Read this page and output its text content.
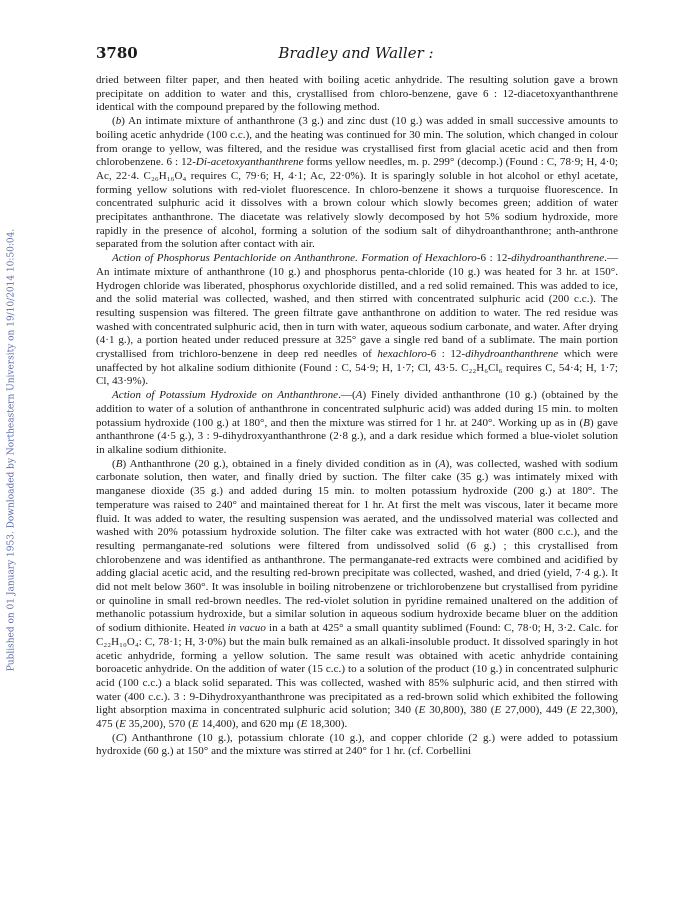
Published on 01 January 1953. Downloaded by Northeastern University on 19/10/2014 10:50:04.
3780	Bradley and Waller :

dried between filter paper, and then heated with boiling acetic anhydride. The resulting solution gave a brown precipitate on addition to water and this, crystallised from chloro-benzene, gave 6 : 12-diacetoxyanthanthrene identical with the compound prepared by the following method.

(b) An intimate mixture of anthanthrone (3 g.) and zinc dust (10 g.) was added in small successive amounts to boiling acetic anhydride (100 c.c.), and the heating was continued for 30 min. The solution, which changed in colour from orange to yellow, was filtered, and the residue was crystallised first from glacial acetic acid and then from chlorobenzene. 6 : 12-Di-acetoxyanthanthrene forms yellow needles, m. p. 299° (decomp.) (Found : C, 78·9; H, 4·0; Ac, 22·4. C₂₆H₁₆O₄ requires C, 79·6; H, 4·1; Ac, 22·0%). It is sparingly soluble in hot alcohol or ethyl acetate, forming yellow solutions with red-violet fluorescence. In chloro-benzene it shows a turquoise fluorescence. In concentrated sulphuric acid it dissolves with a brown colour which slowly becomes green; addition of water precipitates anthanthrone. The diacetate was relatively slowly decomposed by hot 5% sodium hydroxide, more rapidly in the presence of alcohol, forming a solution of the sodium salt of dihydroanthanthrone; anth-anthrone separated from the solution after contact with air.

Action of Phosphorus Pentachloride on Anthanthrone. Formation of Hexachloro-6 : 12-dihydroanthanthrene.—An intimate mixture of anthanthrone (10 g.) and phosphorus penta-chloride (10 g.) was heated for 3 hr. at 150°. Hydrogen chloride was liberated, phosphorus oxychloride distilled, and a red solid remained. This was added to ice, and the solid material was collected, washed, and then stirred with concentrated sulphuric acid (200 c.c.). The resulting suspension was filtered. The green filtrate gave anthanthrone on addition to water. The red residue was washed with concentrated sulphuric acid, then in turn with water, aqueous sodium carbonate, and water. After drying (4·1 g.), a portion heated under reduced pressure at 325° gave a single red band of a sublimate. The main portion crystallised from trichloro-benzene in deep red needles of hexachloro-6 : 12-dihydroanthanthrene which were unaffected by hot alkaline sodium dithionite (Found : C, 54·9; H, 1·7; Cl, 43·5. C₂₂H₆Cl₆ requires C, 54·4; H, 1·7; Cl, 43·9%).

Action of Potassium Hydroxide on Anthanthrone.—(A) Finely divided anthanthrone (10 g.) (obtained by the addition to water of a solution of anthanthrone in concentrated sulphuric acid) was added during 15 min. to molten potassium hydroxide (100 g.) at 180°, and then the mixture was stirred for 1 hr. at 240°. Working up as in (B) gave anthanthrone (4·5 g.), 3 : 9-dihydroxyanthanthrone (2·8 g.), and a dark residue which formed a blue-violet solution in alkaline sodium dithionite.

(B) Anthanthrone (20 g.), obtained in a finely divided condition as in (A), was collected, washed with sodium carbonate solution, then water, and finally dried by suction. The filter cake (35 g.) was intimately mixed with manganese dioxide (35 g.) and added during 15 min. to molten potassium hydroxide (200 g.) at 180°. The temperature was raised to 240° and maintained thereat for 1 hr. At first the melt was viscous, later it became more fluid. It was added to water, the resulting suspension was aerated, and the undissolved material was collected and washed with 20% potassium hydroxide solution. The filter cake was extracted with hot water (800 c.c.), and the resulting permanganate-red solutions were filtered from undissolved solid (6 g.) ; this crystallised from chlorobenzene and was identified as anthanthrone. The permanganate-red extracts were combined and acidified by adding glacial acetic acid, and the resulting red-brown precipitate was collected, washed, and dried (yield, 7·4 g.). It did not melt below 360°. It was insoluble in boiling nitrobenzene or trichlorobenzene but crystallised from pyridine or quinoline in small red-brown needles. The red-violet solution in pyridine remained unaltered on the addition of methanolic potassium hydroxide, but a similar solution in aqueous sodium hydroxide became bluer on the addition of sodium dithionite. Heated in vacuo in a bath at 425° a small quantity sublimed (Found: C, 78·0; H, 3·2. Calc. for C₂₂H₁₀O₄: C, 78·1; H, 3·0%) but the main bulk remained as an alkali-insoluble product. It dissolved sparingly in hot acetic anhydride, forming a yellow solution. The same result was obtained with acetic anhydride containing boroacetic anhydride. On the addition of water (15 c.c.) to a solution of the product (10 g.) in concentrated sulphuric acid (100 c.c.) a black solid separated. This was collected, washed with 85% sulphuric acid, and then stirred with water (400 c.c.). 3 : 9-Dihydroxyanthanthrone was precipitated as a red-brown solid which exhibited the following light absorption maxima in concentrated sulphuric acid solution; 340 (E 30,800), 380 (E 27,000), 449 (E 22,300), 475 (E 35,200), 570 (E 14,400), and 620 mμ (E 18,300).

(C) Anthanthrone (10 g.), potassium chlorate (10 g.), and copper chloride (2 g.) were added to potassium hydroxide (60 g.) at 150° and the mixture was stirred at 240° for 1 hr. (cf. Corbellini
